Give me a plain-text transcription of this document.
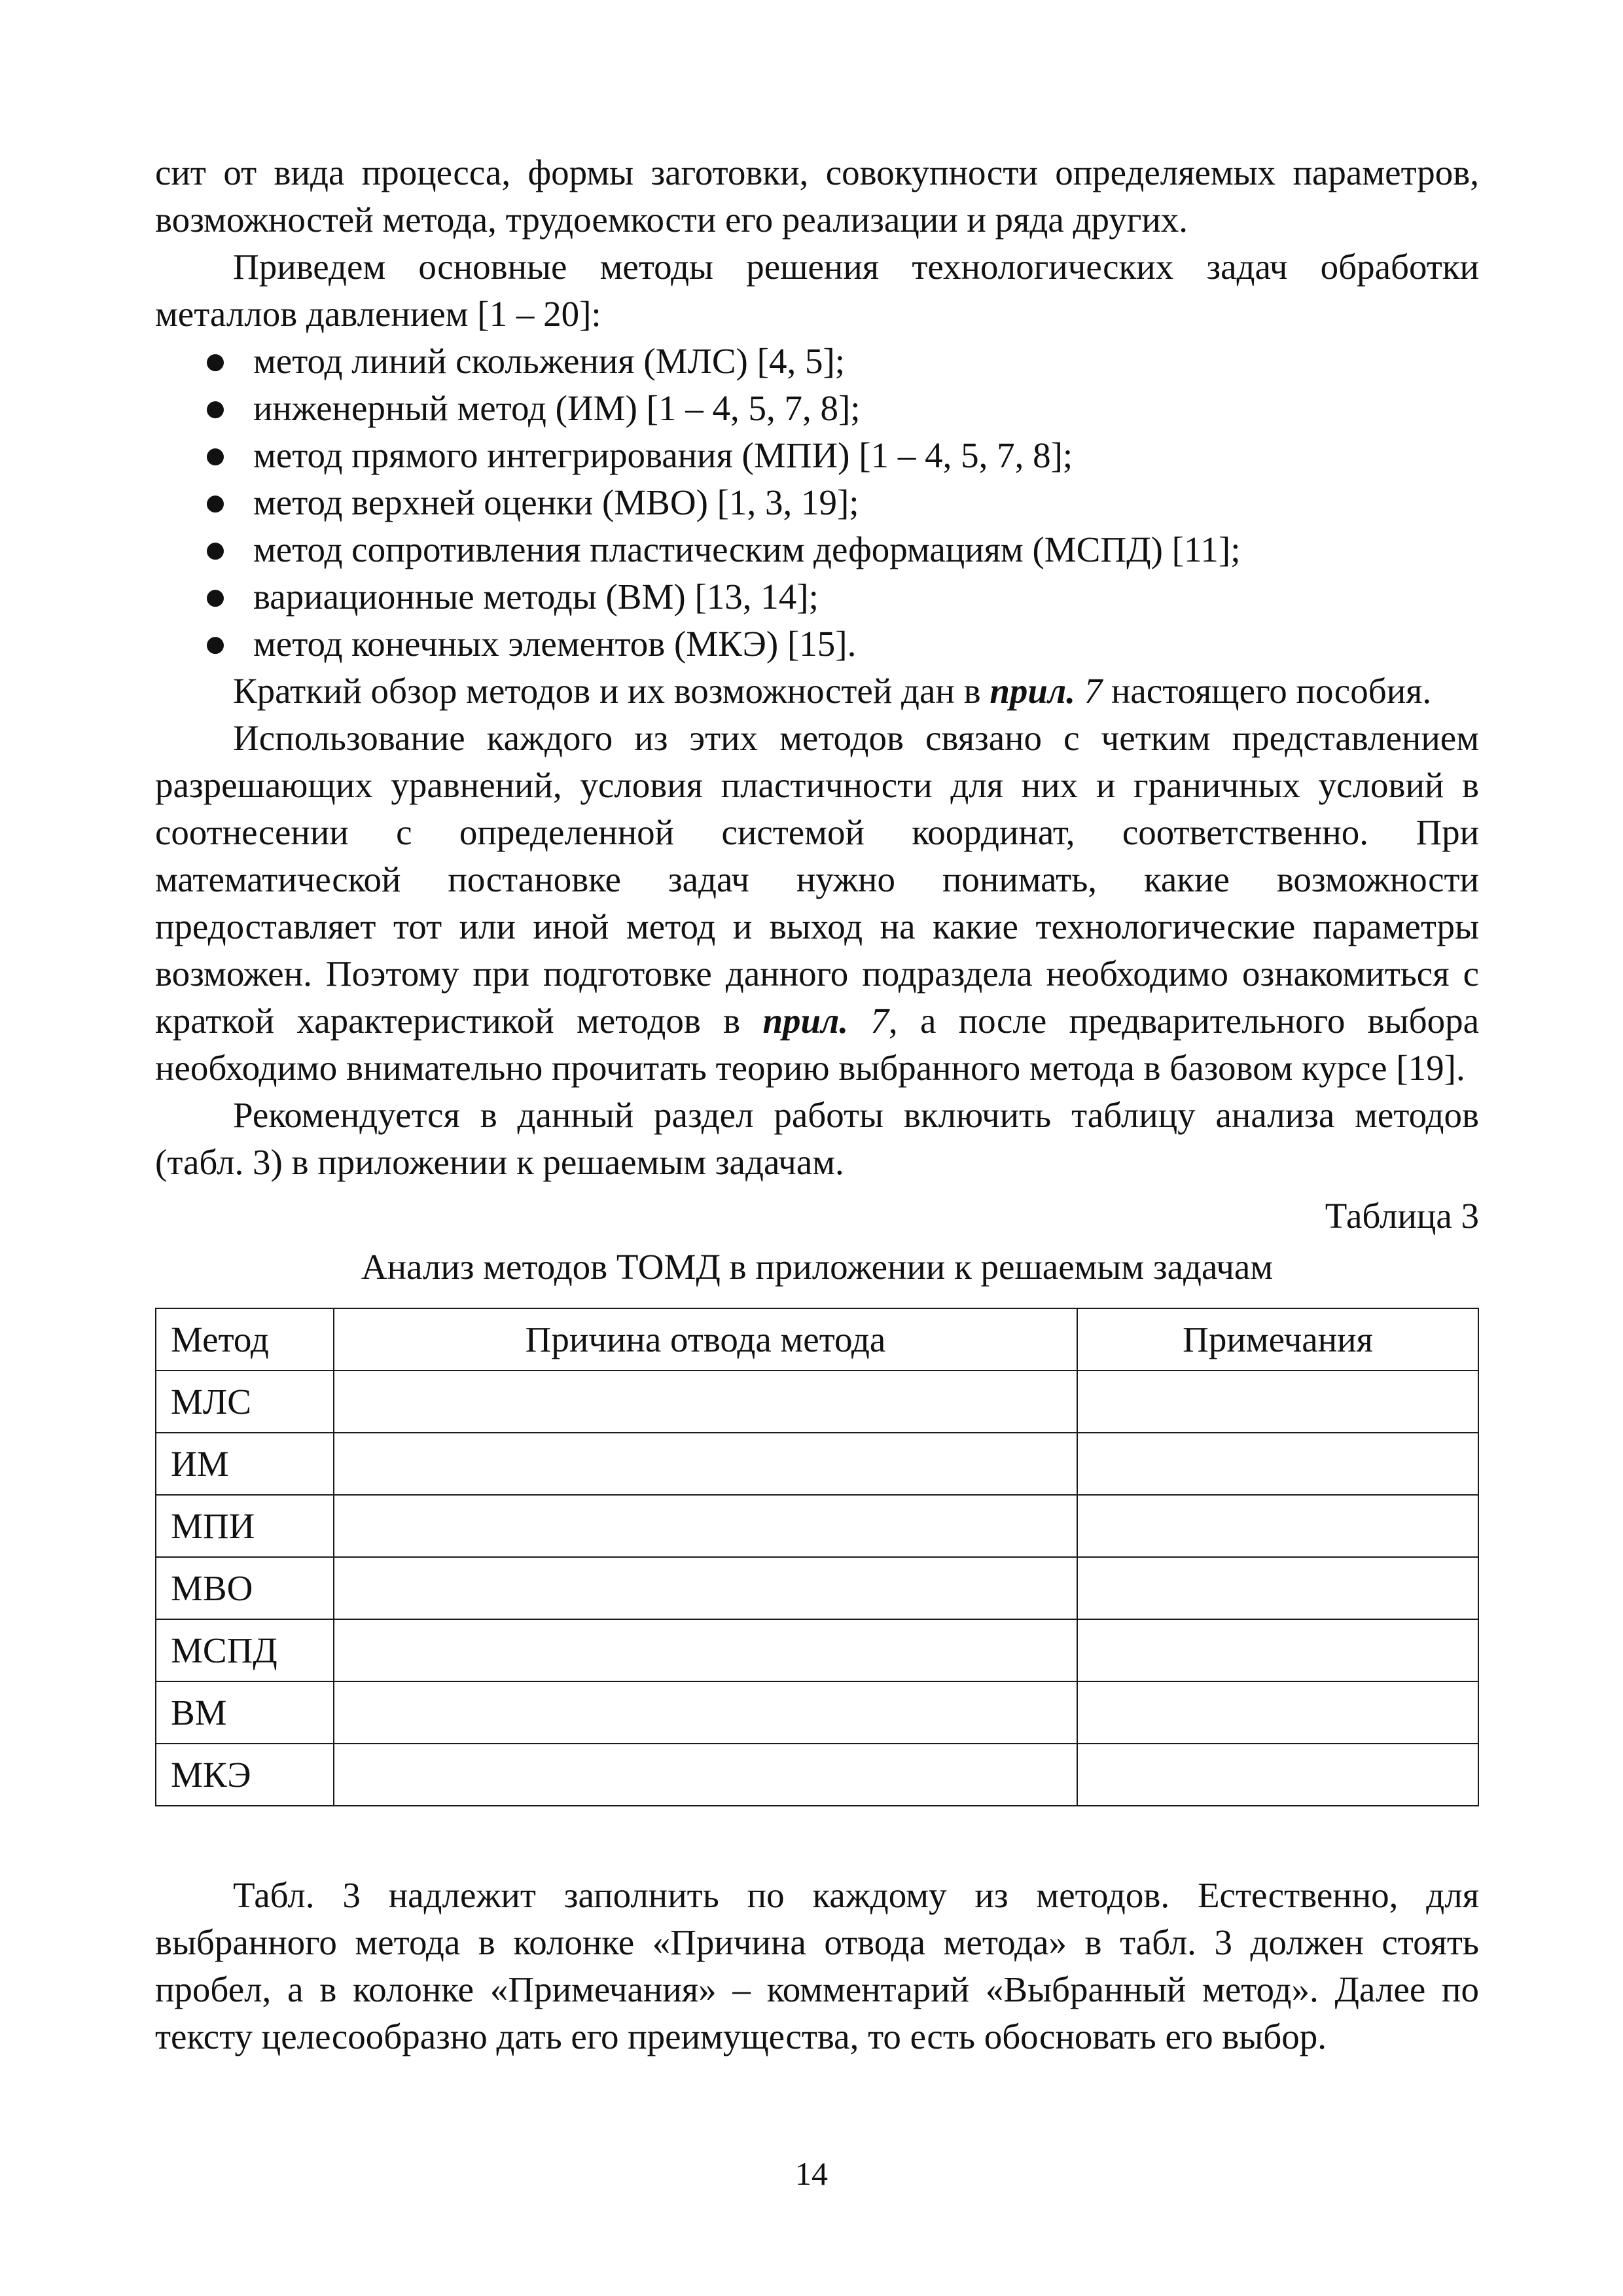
сит от вида процесса, формы заготовки, совокупности определяемых параметров, возможностей метода, трудоемкости его реализации и ряда других.

Приведем основные методы решения технологических задач обработки металлов давлением [1 – 20]:

● метод линий скольжения (МЛС) [4, 5];
● инженерный метод (ИМ) [1 – 4, 5, 7, 8];
● метод прямого интегрирования (МПИ) [1 – 4, 5, 7, 8];
● метод верхней оценки (МВО) [1, 3, 19];
● метод сопротивления пластическим деформациям (МСПД) [11];
● вариационные методы (ВМ) [13, 14];
● метод конечных элементов (МКЭ) [15].

Краткий обзор методов и их возможностей дан в прил. 7 настоящего пособия.

Использование каждого из этих методов связано с четким представлением разрешающих уравнений, условия пластичности для них и граничных условий в соотнесении с определенной системой координат, соответственно. При математической постановке задач нужно понимать, какие возможности предоставляет тот или иной метод и выход на какие технологические параметры возможен. Поэтому при подготовке данного подраздела необходимо ознакомиться с краткой характеристикой методов в прил. 7, а после предварительного выбора необходимо внимательно прочитать теорию выбранного метода в базовом курсе [19].

Рекомендуется в данный раздел работы включить таблицу анализа методов (табл. 3) в приложении к решаемым задачам.

Таблица 3
Анализ методов ТОМД в приложении к решаемым задачам
Метод	Причина отвода метода	Примечания
МЛС		
ИМ		
МПИ		
МВО		
МСПД		
ВМ		
МКЭ		

Табл. 3 надлежит заполнить по каждому из методов. Естественно, для выбранного метода в колонке «Причина отвода метода» в табл. 3 должен стоять пробел, а в колонке «Примечания» – комментарий «Выбранный метод». Далее по тексту целесообразно дать его преимущества, то есть обосновать его выбор.

14
